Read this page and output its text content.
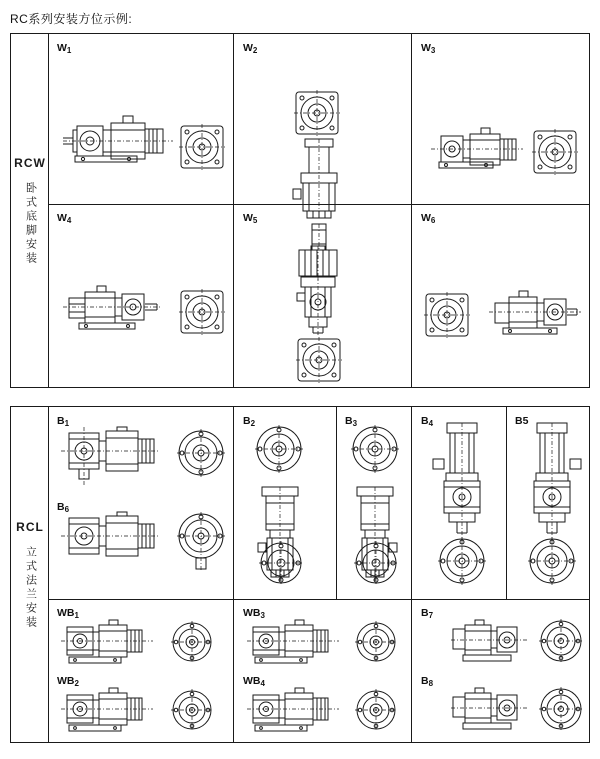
RC系列安装方位示例:
RCW
卧式底脚安装
$W_1$	$W_2$	$W_3$
$W_4$	$W_5$	$W_6$
RCL
立式法兰安装
$B_1$	$B_2$	$B_3$	$B_4$	B5
$B_6$
$WB_1$	$WB_3$	$B_7$
$WB_2$	$WB_4$	$B_8$
